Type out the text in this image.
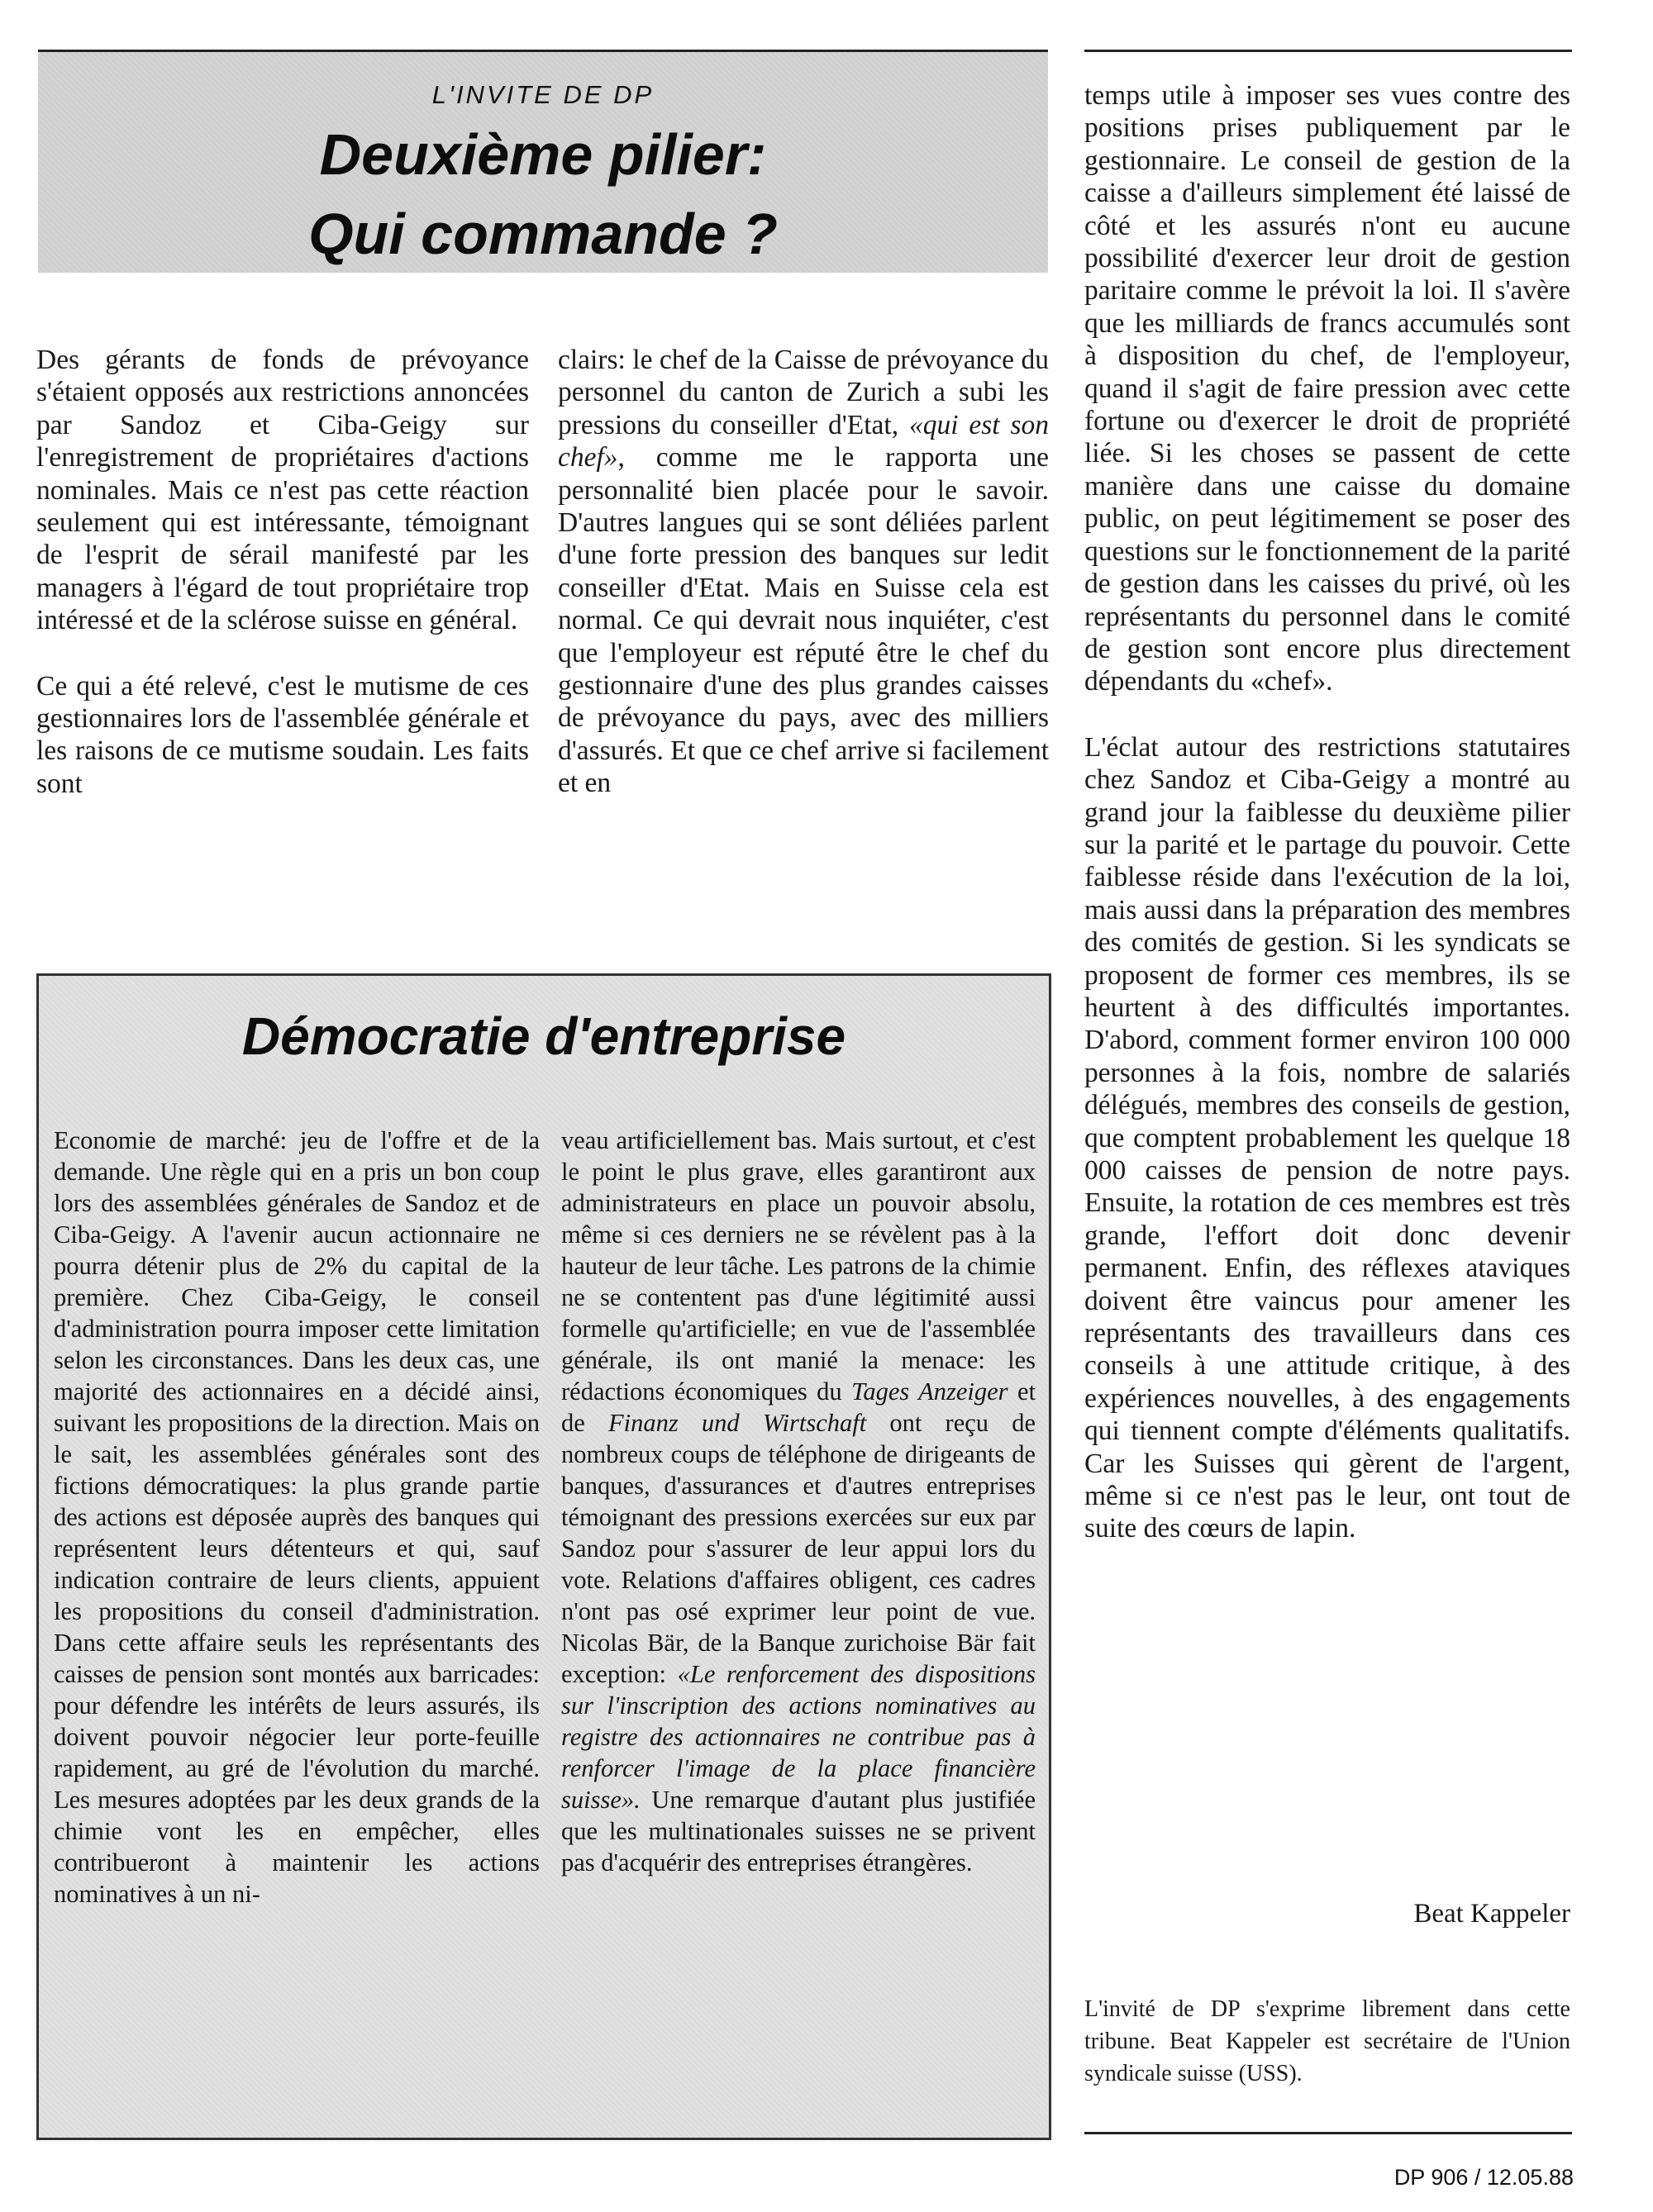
L'INVITE DE DP
Deuxième pilier:
Qui commande ?

Des gérants de fonds de prévoyance s'étaient opposés aux restrictions annoncées par Sandoz et Ciba-Geigy sur l'enregistrement de propriétaires d'actions nominales. Mais ce n'est pas cette réaction seulement qui est intéressante, témoignant de l'esprit de sérail manifesté par les managers à l'égard de tout propriétaire trop intéressé et de la sclérose suisse en général.

Ce qui a été relevé, c'est le mutisme de ces gestionnaires lors de l'assemblée générale et les raisons de ce mutisme soudain. Les faits sont

clairs: le chef de la Caisse de prévoyance du personnel du canton de Zurich a subi les pressions du conseiller d'Etat, «qui est son chef», comme me le rapporta une personnalité bien placée pour le savoir. D'autres langues qui se sont déliées parlent d'une forte pression des banques sur ledit conseiller d'Etat. Mais en Suisse cela est normal. Ce qui devrait nous inquiéter, c'est que l'employeur est réputé être le chef du gestionnaire d'une des plus grandes caisses de prévoyance du pays, avec des milliers d'assurés. Et que ce chef arrive si facilement et en

temps utile à imposer ses vues contre des positions prises publiquement par le gestionnaire. Le conseil de gestion de la caisse a d'ailleurs simplement été laissé de côté et les assurés n'ont eu aucune possibilité d'exercer leur droit de gestion paritaire comme le prévoit la loi. Il s'avère que les milliards de francs accumulés sont à disposition du chef, de l'employeur, quand il s'agit de faire pression avec cette fortune ou d'exercer le droit de propriété liée. Si les choses se passent de cette manière dans une caisse du domaine public, on peut légitimement se poser des questions sur le fonctionnement de la parité de gestion dans les caisses du privé, où les représentants du personnel dans le comité de gestion sont encore plus directement dépendants du «chef».

L'éclat autour des restrictions statutaires chez Sandoz et Ciba-Geigy a montré au grand jour la faiblesse du deuxième pilier sur la parité et le partage du pouvoir. Cette faiblesse réside dans l'exécution de la loi, mais aussi dans la préparation des membres des comités de gestion. Si les syndicats se proposent de former ces membres, ils se heurtent à des difficultés importantes. D'abord, comment former environ 100 000 personnes à la fois, nombre de salariés délégués, membres des conseils de gestion, que comptent probablement les quelque 18 000 caisses de pension de notre pays. Ensuite, la rotation de ces membres est très grande, l'effort doit donc devenir permanent. Enfin, des réflexes ataviques doivent être vaincus pour amener les représentants des travailleurs dans ces conseils à une attitude critique, à des expériences nouvelles, à des engagements qui tiennent compte d'éléments qualitatifs. Car les Suisses qui gèrent de l'argent, même si ce n'est pas le leur, ont tout de suite des cœurs de lapin.

Beat Kappeler
L'invité de DP s'exprime librement dans cette tribune. Beat Kappeler est secrétaire de l'Union syndicale suisse (USS).
Démocratie d'entreprise
Economie de marché: jeu de l'offre et de la demande. Une règle qui en a pris un bon coup lors des assemblées générales de Sandoz et de Ciba-Geigy. A l'avenir aucun actionnaire ne pourra détenir plus de 2% du capital de la première. Chez Ciba-Geigy, le conseil d'administration pourra imposer cette limitation selon les circonstances. Dans les deux cas, une majorité des actionnaires en a décidé ainsi, suivant les propositions de la direction. Mais on le sait, les assemblées générales sont des fictions démocratiques: la plus grande partie des actions est déposée auprès des banques qui représentent leurs détenteurs et qui, sauf indication contraire de leurs clients, appuient les propositions du conseil d'administration. Dans cette affaire seuls les représentants des caisses de pension sont montés aux barricades: pour défendre les intérêts de leurs assurés, ils doivent pouvoir négocier leur porte-feuille rapidement, au gré de l'évolution du marché. Les mesures adoptées par les deux grands de la chimie vont les en empêcher, elles contribueront à maintenir les actions nominatives à un ni-
veau artificiellement bas. Mais surtout, et c'est le point le plus grave, elles garantiront aux administrateurs en place un pouvoir absolu, même si ces derniers ne se révèlent pas à la hauteur de leur tâche. Les patrons de la chimie ne se contentent pas d'une légitimité aussi formelle qu'artificielle; en vue de l'assemblée générale, ils ont manié la menace: les rédactions économiques du Tages Anzeiger et de Finanz und Wirtschaft ont reçu de nombreux coups de téléphone de dirigeants de banques, d'assurances et d'autres entreprises témoignant des pressions exercées sur eux par Sandoz pour s'assurer de leur appui lors du vote. Relations d'affaires obligent, ces cadres n'ont pas osé exprimer leur point de vue. Nicolas Bär, de la Banque zurichoise Bär fait exception: «Le renforcement des dispositions sur l'inscription des actions nominatives au registre des actionnaires ne contribue pas à renforcer l'image de la place financière suisse». Une remarque d'autant plus justifiée que les multinationales suisses ne se privent pas d'acquérir des entreprises étrangères.
DP 906 / 12.05.88
